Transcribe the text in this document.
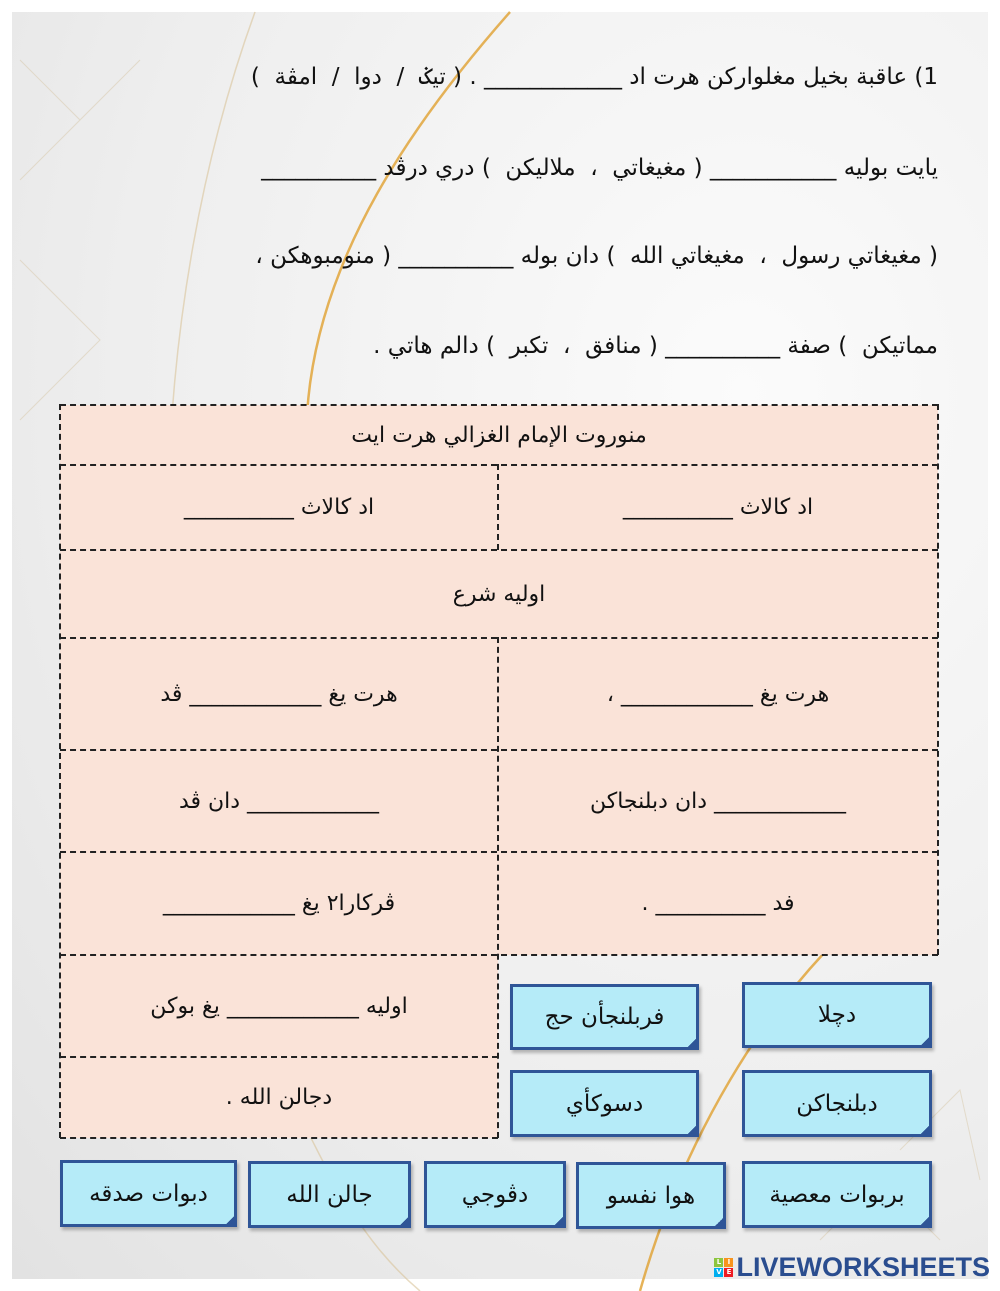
1) عاقبة بخيل مغلواركن هرت اد ____________ . ( تيݢ  /  دوا  /  امڤة  )
يايت بوليه ___________ ( مغيغاتي  ،  ملاليكن  ) دري درڤد __________
( مغيغاتي رسول  ،  مغيغاتي الله  ) دان بوله __________ ( منومبوهكن ،
مماتيكن  ) صفة __________ ( منافق  ،  تكبر  ) دالم هاتي .
منوروت الإمام الغزالي هرت ايت
اد كالاث __________
اد كالاث __________
اوليه شرع
هرت يغ ____________ ،
هرت يغ ____________ ڤد
____________ دان دبلنجاكن
____________ دان ڤد
فد __________ .
ڤركارا٢ يغ ____________
اوليه ____________ يغ بوكن
دجالن الله .
دچلا
فربلنجأن حج
دبلنجاكن
دسوكأي
بربوات معصية
هوا نفسو
دڤوجي
جالن الله
دبوات صدقه
L I
V E LIVEWORKSHEETS
